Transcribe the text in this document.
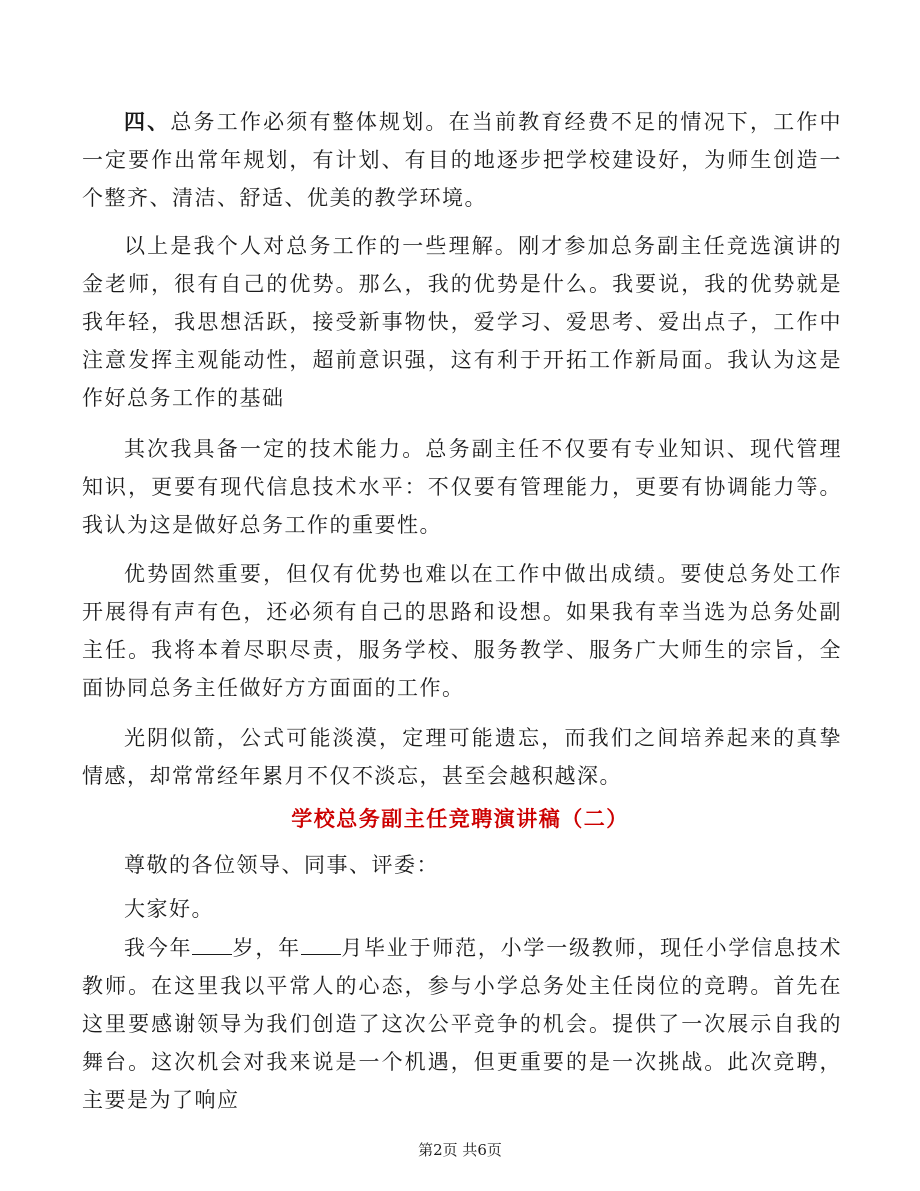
四、总务工作必须有整体规划。在当前教育经费不足的情况下，工作中一定要作出常年规划，有计划、有目的地逐步把学校建设好，为师生创造一个整齐、清洁、舒适、优美的教学环境。

以上是我个人对总务工作的一些理解。刚才参加总务副主任竞选演讲的金老师，很有自己的优势。那么，我的优势是什么。我要说，我的优势就是我年轻，我思想活跃，接受新事物快，爱学习、爱思考、爱出点子，工作中注意发挥主观能动性，超前意识强，这有利于开拓工作新局面。我认为这是作好总务工作的基础

其次我具备一定的技术能力。总务副主任不仅要有专业知识、现代管理知识，更要有现代信息技术水平：不仅要有管理能力，更要有协调能力等。我认为这是做好总务工作的重要性。

优势固然重要，但仅有优势也难以在工作中做出成绩。要使总务处工作开展得有声有色，还必须有自己的思路和设想。如果我有幸当选为总务处副主任。我将本着尽职尽责，服务学校、服务教学、服务广大师生的宗旨，全面协同总务主任做好方方面面的工作。

光阴似箭，公式可能淡漠，定理可能遗忘，而我们之间培养起来的真挚情感，却常常经年累月不仅不淡忘，甚至会越积越深。

学校总务副主任竞聘演讲稿（二）

尊敬的各位领导、同事、评委：

大家好。

我今年 岁，年 月毕业于师范，小学一级教师，现任小学信息技术教师。在这里我以平常人的心态，参与小学总务处主任岗位的竞聘。首先在这里要感谢领导为我们创造了这次公平竞争的机会。提供了一次展示自我的舞台。这次机会对我来说是一个机遇，但更重要的是一次挑战。此次竞聘，主要是为了响应

第2页 共6页
